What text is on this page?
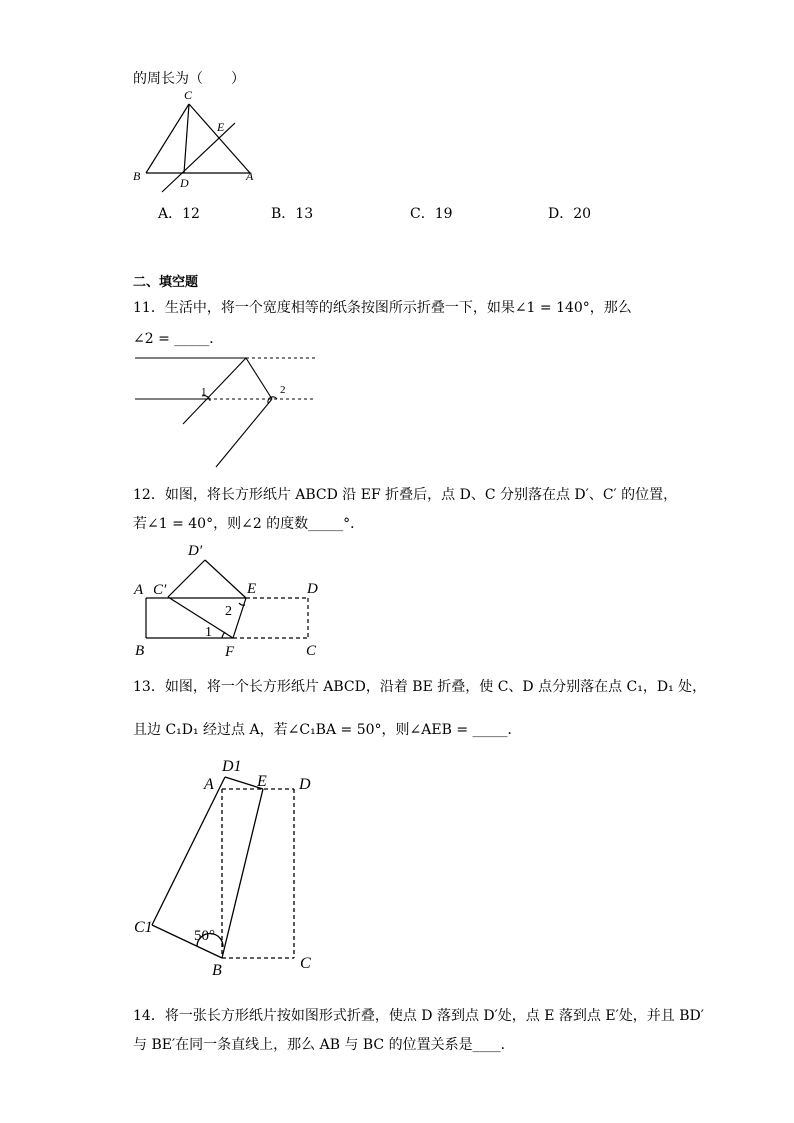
的周长为（　　）
C
E
B	D	A
A．12	B．13	C．19	D．20
二、填空题
11．生活中，将一个宽度相等的纸条按图所示折叠一下，如果∠1 = 140°，那么
∠2 = _____．
1	2
12．如图，将长方形纸片 ABCD 沿 EF 折叠后，点 D、C 分别落在点 D′、C′ 的位置，
若∠1 = 40°，则∠2 的度数_____°．
D′
A C′	E	D
B	F	C
2
1
13．如图，将一个长方形纸片 ABCD，沿着 BE 折叠，使 C、D 点分别落在点 C₁，D₁ 处，
且边 C₁D₁ 经过点 A，若∠C₁BA = 50°，则∠AEB = _____．
D1
A	E D
C1
B	C
50°
14．将一张长方形纸片按如图形式折叠，使点 D 落到点 D′处，点 E 落到点 E′处，并且 BD′
与 BE′在同一条直线上，那么 AB 与 BC 的位置关系是____．
